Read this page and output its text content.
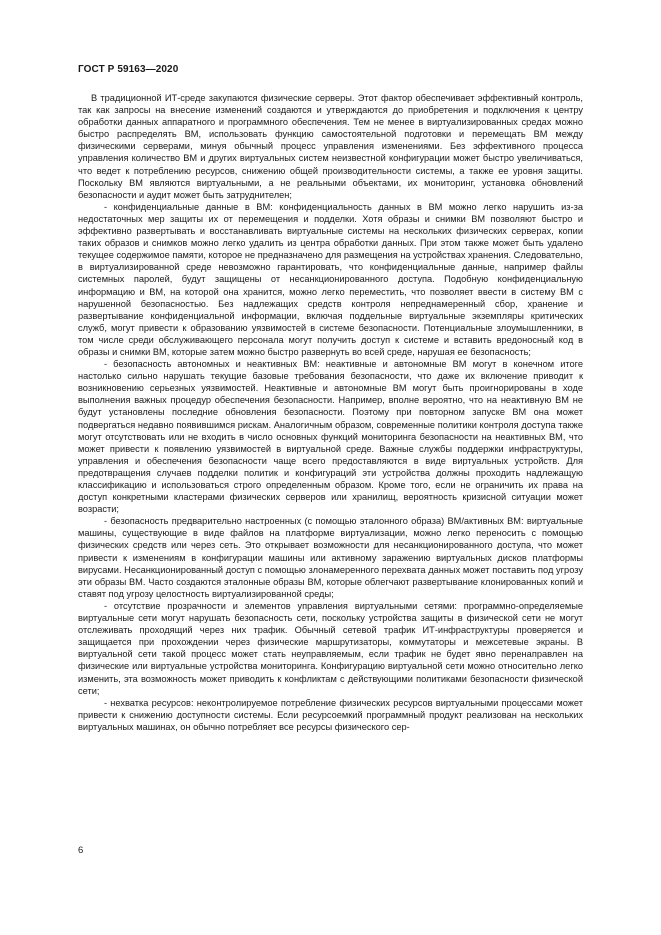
ГОСТ Р 59163—2020

В традиционной ИТ-среде закупаются физические серверы. Этот фактор обеспечивает эффективный контроль, так как запросы на внесение изменений создаются и утверждаются до приобретения и подключения к центру обработки данных аппаратного и программного обеспечения. Тем не менее в виртуализированных средах можно быстро распределять ВМ, использовать функцию самостоятельной подготовки и перемещать ВМ между физическими серверами, минуя обычный процесс управления изменениями. Без эффективного процесса управления количество ВМ и других виртуальных систем неизвестной конфигурации может быстро увеличиваться, что ведет к потреблению ресурсов, снижению общей производительности системы, а также ее уровня защиты. Поскольку ВМ являются виртуальными, а не реальными объектами, их мониторинг, установка обновлений безопасности и аудит может быть затруднителен;

- конфиденциальные данные в ВМ: конфиденциальность данных в ВМ можно легко нарушить из-за недостаточных мер защиты их от перемещения и подделки. Хотя образы и снимки ВМ позволяют быстро и эффективно развертывать и восстанавливать виртуальные системы на нескольких физических серверах, копии таких образов и снимков можно легко удалить из центра обработки данных. При этом также может быть удалено текущее содержимое памяти, которое не предназначено для размещения на устройствах хранения. Следовательно, в виртуализированной среде невозможно гарантировать, что конфиденциальные данные, например файлы системных паролей, будут защищены от несанкционированного доступа. Подобную конфиденциальную информацию и ВМ, на которой она хранится, можно легко переместить, что позволяет ввести в систему ВМ с нарушенной безопасностью. Без надлежащих средств контроля непреднамеренный сбор, хранение и развертывание конфиденциальной информации, включая поддельные виртуальные экземпляры критических служб, могут привести к образованию уязвимостей в системе безопасности. Потенциальные злоумышленники, в том числе среди обслуживающего персонала могут получить доступ к системе и вставить вредоносный код в образы и снимки ВМ, которые затем можно быстро развернуть во всей среде, нарушая ее безопасность;

- безопасность автономных и неактивных ВМ: неактивные и автономные ВМ могут в конечном итоге настолько сильно нарушать текущие базовые требования безопасности, что даже их включение приводит к возникновению серьезных уязвимостей. Неактивные и автономные ВМ могут быть проигнорированы в ходе выполнения важных процедур обеспечения безопасности. Например, вполне вероятно, что на неактивную ВМ не будут установлены последние обновления безопасности. Поэтому при повторном запуске ВМ она может подвергаться недавно появившимся рискам. Аналогичным образом, современные политики контроля доступа также могут отсутствовать или не входить в число основных функций мониторинга безопасности на неактивных ВМ, что может привести к появлению уязвимостей в виртуальной среде. Важные службы поддержки инфраструктуры, управления и обеспечения безопасности чаще всего предоставляются в виде виртуальных устройств. Для предотвращения случаев подделки политик и конфигураций эти устройства должны проходить надлежащую классификацию и использоваться строго определенным образом. Кроме того, если не ограничить их права на доступ конкретными кластерами физических серверов или хранилищ, вероятность кризисной ситуации может возрасти;

- безопасность предварительно настроенных (с помощью эталонного образа) ВМ/активных ВМ: виртуальные машины, существующие в виде файлов на платформе виртуализации, можно легко переносить с помощью физических средств или через сеть. Это открывает возможности для несанкционированного доступа, что может привести к изменениям в конфигурации машины или активному заражению виртуальных дисков платформы вирусами. Несанкционированный доступ с помощью злонамеренного перехвата данных может поставить под угрозу эти образы ВМ. Часто создаются эталонные образы ВМ, которые облегчают развертывание клонированных копий и ставят под угрозу целостность виртуализированной среды;

- отсутствие прозрачности и элементов управления виртуальными сетями: программно-определяемые виртуальные сети могут нарушать безопасность сети, поскольку устройства защиты в физической сети не могут отслеживать проходящий через них трафик. Обычный сетевой трафик ИТ-инфраструктуры проверяется и защищается при прохождении через физические маршрутизаторы, коммутаторы и межсетевые экраны. В виртуальной сети такой процесс может стать неуправляемым, если трафик не будет явно перенаправлен на физические или виртуальные устройства мониторинга. Конфигурацию виртуальной сети можно относительно легко изменить, эта возможность может приводить к конфликтам с действующими политиками безопасности физической сети;

- нехватка ресурсов: неконтролируемое потребление физических ресурсов виртуальными процессами может привести к снижению доступности системы. Если ресурсоемкий программный продукт реализован на нескольких виртуальных машинах, он обычно потребляет все ресурсы физического сер-

6
